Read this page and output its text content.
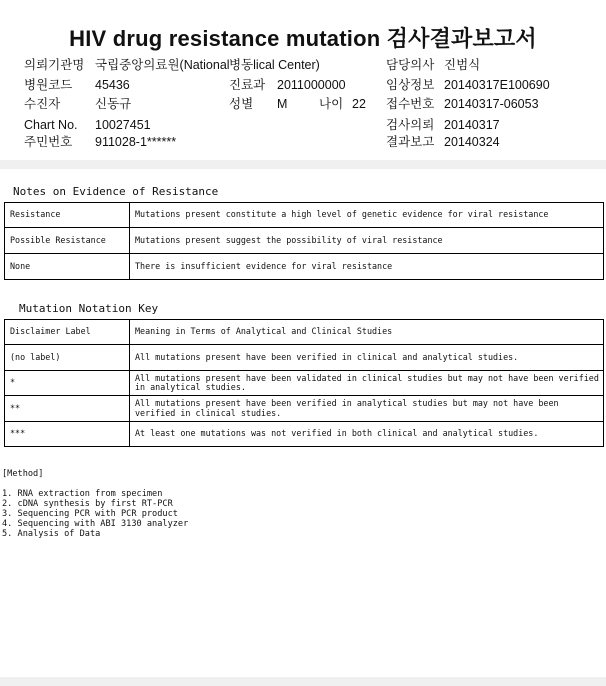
HIV drug resistance mutation 검사결과보고서
의뢰기관명 국립중앙의료원(National 병동lical Center)	담당의사 진범식
병원코드 45436	진료과 2011000000	임상정보 20140317E100690
수진자	신동규	성별 M	나이 22 접수번호 20140317-06053
Chart No. 10027451	검사의뢰 20140317
주민번호 911028-1******	결과보고 20140324
Notes on Evidence of Resistance
Resistance	Mutations present constitute a high level of genetic evidence for viral resistance
Possible Resistance	Mutations present suggest the possibility of viral resistance
None	There is insufficient evidence for viral resistance
Mutation Notation Key
Disclaimer Label	Meaning in Terms of Analytical and Clinical Studies
(no label)	All mutations present have been verified in clinical and analytical studies.
*	All mutations present have been validated in clinical studies but may not have been verified in analytical studies.
**	All mutations present have been verified in analytical studies but may not have been verified in clinical studies.
***	At least one mutations was not verified in both clinical and analytical studies.
[Method]
1. RNA extraction from specimen
2. cDNA synthesis by first RT-PCR
3. Sequencing PCR with PCR product
4. Sequencing with ABI 3130 analyzer
5. Analysis of Data
